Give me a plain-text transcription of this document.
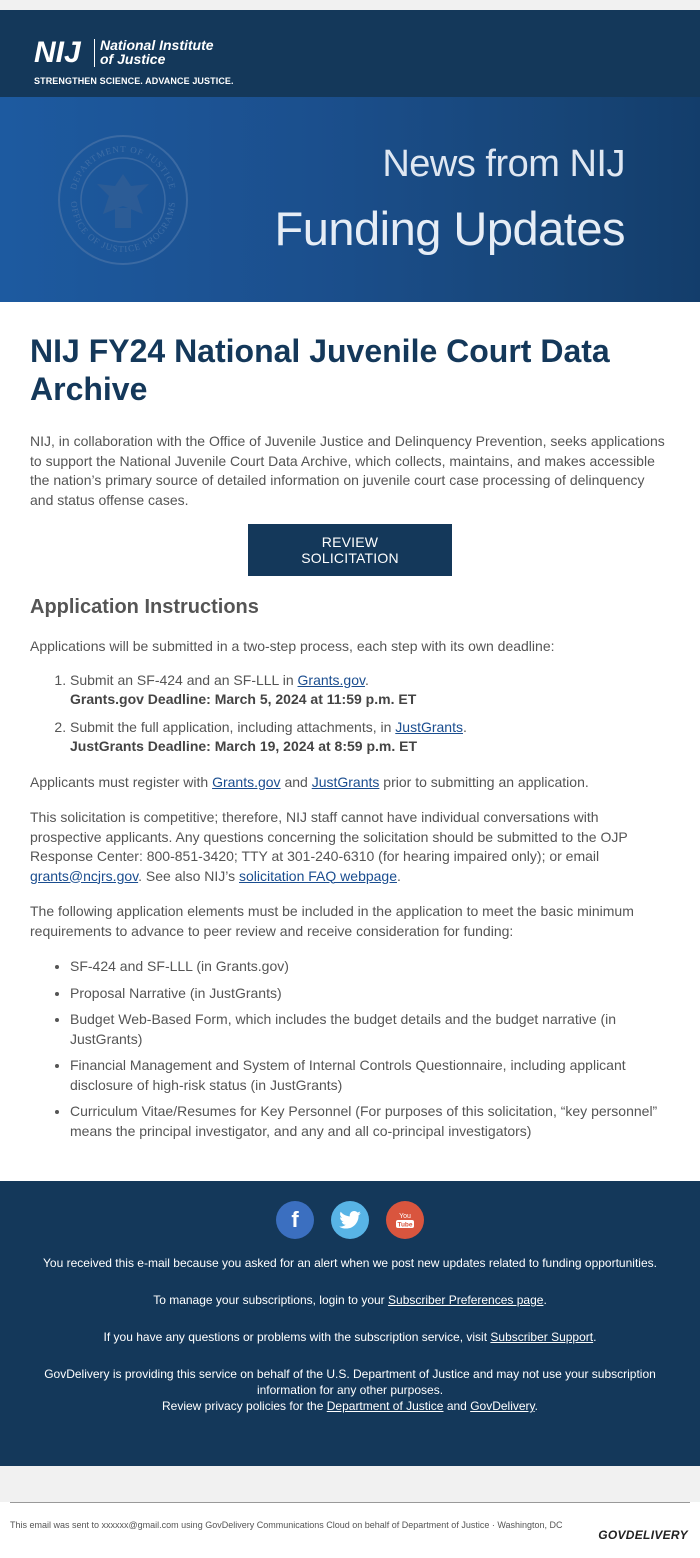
NIJ National Institute
of Justice
STRENGTHEN SCIENCE. ADVANCE JUSTICE.
DEPARTMENT OF JUSTICE
OFFICE OF JUSTICE PROGRAMS
News from NIJ
Funding Updates
NIJ FY24 National Juvenile Court Data Archive

NIJ, in collaboration with the Office of Juvenile Justice and Delinquency Prevention, seeks applications to support the National Juvenile Court Data Archive, which collects, maintains, and makes accessible the nation’s primary source of detailed information on juvenile court case processing of delinquency and status offense cases.

REVIEW SOLICITATION
Application Instructions

Applications will be submitted in a two-step process, each step with its own deadline:

1. Submit an SF-424 and an SF-LLL in Grants.gov.
Grants.gov Deadline: March 5, 2024 at 11:59 p.m. ET
2. Submit the full application, including attachments, in JustGrants.
JustGrants Deadline: March 19, 2024 at 8:59 p.m. ET

Applicants must register with Grants.gov and JustGrants prior to submitting an application.

This solicitation is competitive; therefore, NIJ staff cannot have individual conversations with prospective applicants. Any questions concerning the solicitation should be submitted to the OJP Response Center: 800-851-3420; TTY at 301-240-6310 (for hearing impaired only); or email grants@ncjrs.gov. See also NIJ’s solicitation FAQ webpage.

The following application elements must be included in the application to meet the basic minimum requirements to advance to peer review and receive consideration for funding:

• SF-424 and SF-LLL (in Grants.gov)
• Proposal Narrative (in JustGrants)
• Budget Web-Based Form, which includes the budget details and the budget narrative (in JustGrants)
• Financial Management and System of Internal Controls Questionnaire, including applicant disclosure of high-risk status (in JustGrants)
• Curriculum Vitae/Resumes for Key Personnel (For purposes of this solicitation, “key personnel” means the principal investigator, and any and all co-principal investigators)
f	You
Tube

You received this e-mail because you asked for an alert when we post new updates related to funding opportunities.

To manage your subscriptions, login to your Subscriber Preferences page.

If you have any questions or problems with the subscription service, visit Subscriber Support.

GovDelivery is providing this service on behalf of the U.S. Department of Justice and may not use your subscription information for any other purposes.
Review privacy policies for the Department of Justice and GovDelivery.

This email was sent to xxxxxx@gmail.com using GovDelivery Communications Cloud on behalf of Department of Justice · Washington, DC
GOVDELIVERY
